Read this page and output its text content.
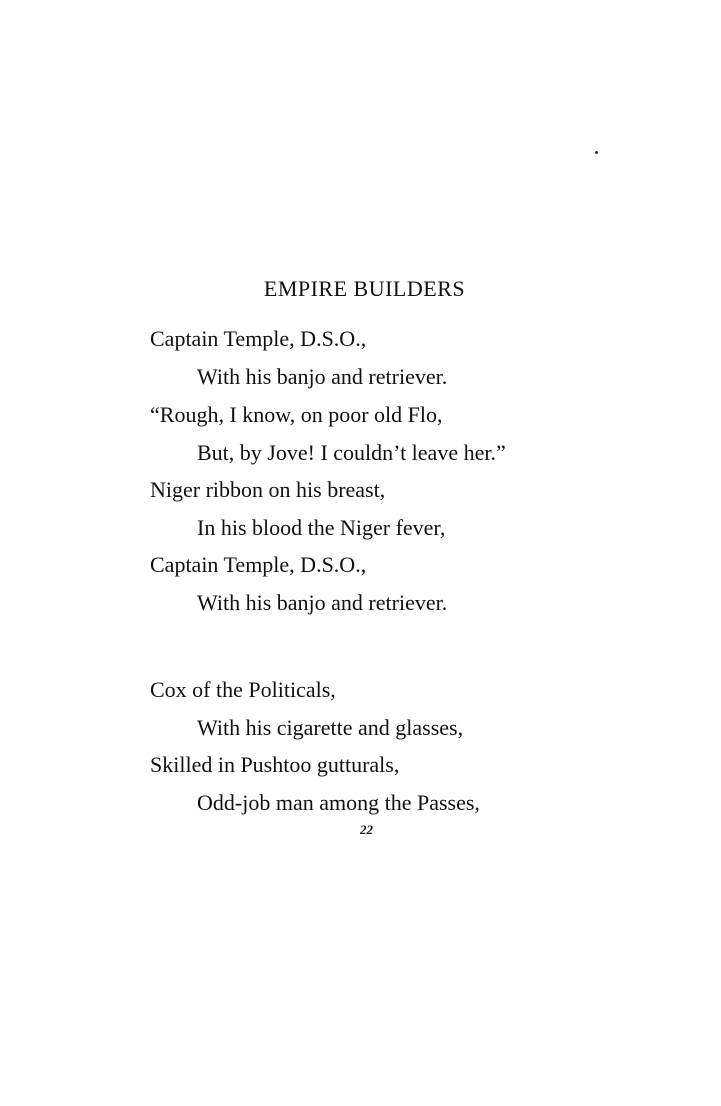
EMPIRE BUILDERS

Captain Temple, D.S.O.,

With his banjo and retriever.

“Rough, I know, on poor old Flo,

But, by Jove! I couldn’t leave her.”

Niger ribbon on his breast,

In his blood the Niger fever,

Captain Temple, D.S.O.,

With his banjo and retriever.

Cox of the Politicals,

With his cigarette and glasses,

Skilled in Pushtoo gutturals,

Odd-job man among the Passes,

22
